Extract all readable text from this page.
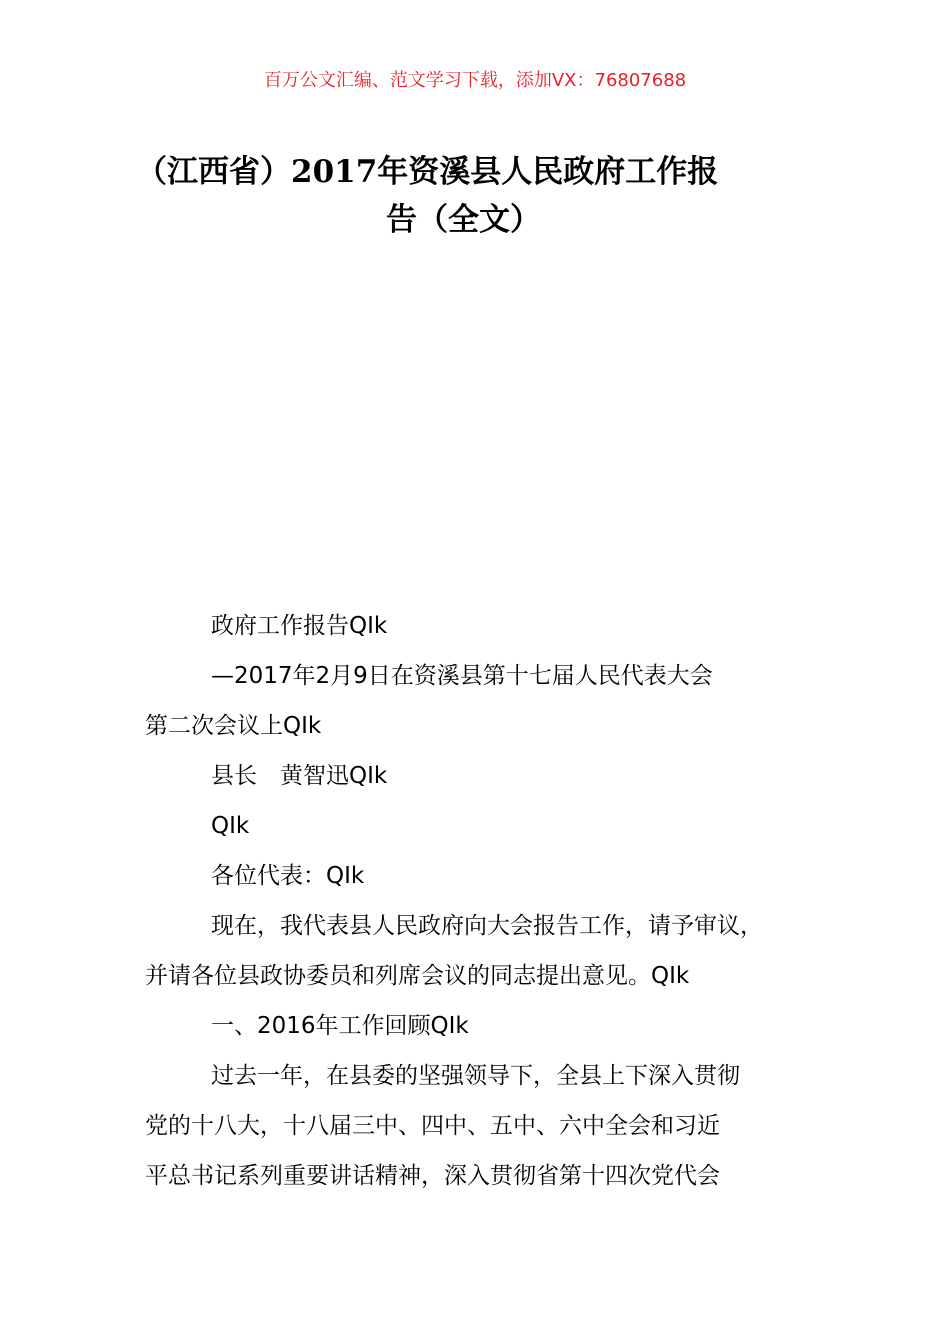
百万公文汇编、范文学习下载，添加VX：76807688
（江西省）2017年资溪县人民政府工作报
告（全文）

政府工作报告QIk

—2017年2月9日在资溪县第十七届人民代表大会

第二次会议上QIk

县长　黄智迅QIk

QIk

各位代表：QIk

现在，我代表县人民政府向大会报告工作，请予审议，

并请各位县政协委员和列席会议的同志提出意见。QIk

一、2016年工作回顾QIk

过去一年，在县委的坚强领导下，全县上下深入贯彻

党的十八大，十八届三中、四中、五中、六中全会和习近

平总书记系列重要讲话精神，深入贯彻省第十四次党代会
